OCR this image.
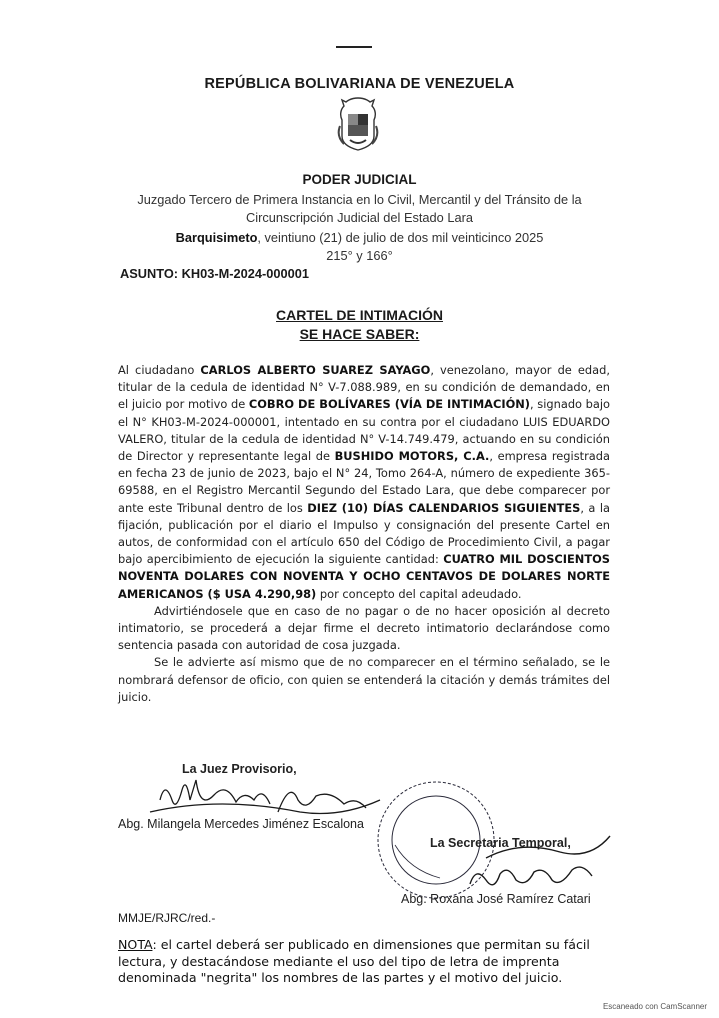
REPÚBLICA BOLIVARIANA DE VENEZUELA
PODER JUDICIAL
Juzgado Tercero de Primera Instancia en lo Civil, Mercantil y del Tránsito de la
Circunscripción Judicial del Estado Lara
Barquisimeto, veintiuno (21) de julio de dos mil veinticinco 2025
215° y 166°
ASUNTO: KH03-M-2024-000001
CARTEL DE INTIMACIÓN
SE HACE SABER:

Al ciudadano CARLOS ALBERTO SUAREZ SAYAGO, venezolano, mayor de edad, titular de la cedula de identidad N° V-7.088.989, en su condición de demandado, en el juicio por motivo de COBRO DE BOLÍVARES (VÍA DE INTIMACIÓN), signado bajo el N° KH03-M-2024-000001, intentado en su contra por el ciudadano LUIS EDUARDO VALERO, titular de la cedula de identidad N° V-14.749.479, actuando en su condición de Director y representante legal de BUSHIDO MOTORS, C.A., empresa registrada en fecha 23 de junio de 2023, bajo el N° 24, Tomo 264-A, número de expediente 365-69588, en el Registro Mercantil Segundo del Estado Lara, que debe comparecer por ante este Tribunal dentro de los DIEZ (10) DÍAS CALENDARIOS SIGUIENTES, a la fijación, publicación por el diario el Impulso y consignación del presente Cartel en autos, de conformidad con el artículo 650 del Código de Procedimiento Civil, a pagar bajo apercibimiento de ejecución la siguiente cantidad: CUATRO MIL DOSCIENTOS NOVENTA DOLARES CON NOVENTA Y OCHO CENTAVOS DE DOLARES NORTE AMERICANOS ($ USA 4.290,98) por concepto del capital adeudado.

Advirtiéndosele que en caso de no pagar o de no hacer oposición al decreto intimatorio, se procederá a dejar firme el decreto intimatorio declarándose como sentencia pasada con autoridad de cosa juzgada.

Se le advierte así mismo que de no comparecer en el término señalado, se le nombrará defensor de oficio, con quien se entenderá la citación y demás trámites del juicio.

La Juez Provisorio,
Abg. Milangela Mercedes Jiménez Escalona
La Secretaria Temporal,
Abg. Roxana José Ramírez Catari
MMJE/RJRC/red.-
NOTA: el cartel deberá ser publicado en dimensiones que permitan su fácil lectura, y destacándose mediante el uso del tipo de letra de imprenta denominada "negrita" los nombres de las partes y el motivo del juicio.
Escaneado con CamScanner
